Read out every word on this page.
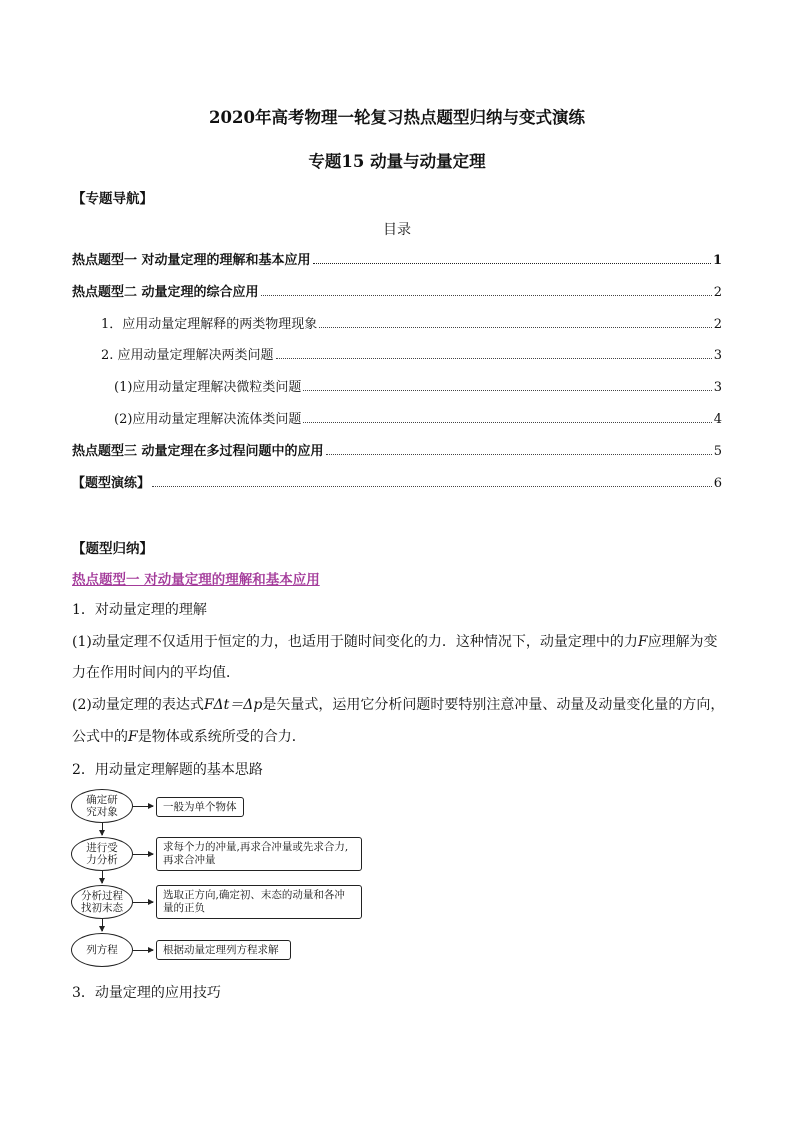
2020年高考物理一轮复习热点题型归纳与变式演练
专题15 动量与动量定理
【专题导航】
目录
热点题型一 对动量定理的理解和基本应用	1
热点题型二 动量定理的综合应用	2
1．应用动量定理解释的两类物理现象	2
2. 应用动量定理解决两类问题	3
(1)应用动量定理解决微粒类问题	3
(2)应用动量定理解决流体类问题	4
热点题型三 动量定理在多过程问题中的应用	5
【题型演练】	6
【题型归纳】
热点题型一 对动量定理的理解和基本应用
1．对动量定理的理解
(1)动量定理不仅适用于恒定的力，也适用于随时间变化的力．这种情况下，动量定理中的力F应理解为变
力在作用时间内的平均值．
(2)动量定理的表达式FΔt＝Δp是矢量式，运用它分析问题时要特别注意冲量、动量及动量变化量的方向，
公式中的F是物体或系统所受的合力．
2．用动量定理解题的基本思路
确定研
究对象
进行受
力分析
分析过程
找初末态
列方程
一般为单个物体
求每个力的冲量,再求合冲量或先求合力,
再求合冲量
选取正方向,确定初、末态的动量和各冲
量的正负
根据动量定理列方程求解
3．动量定理的应用技巧
